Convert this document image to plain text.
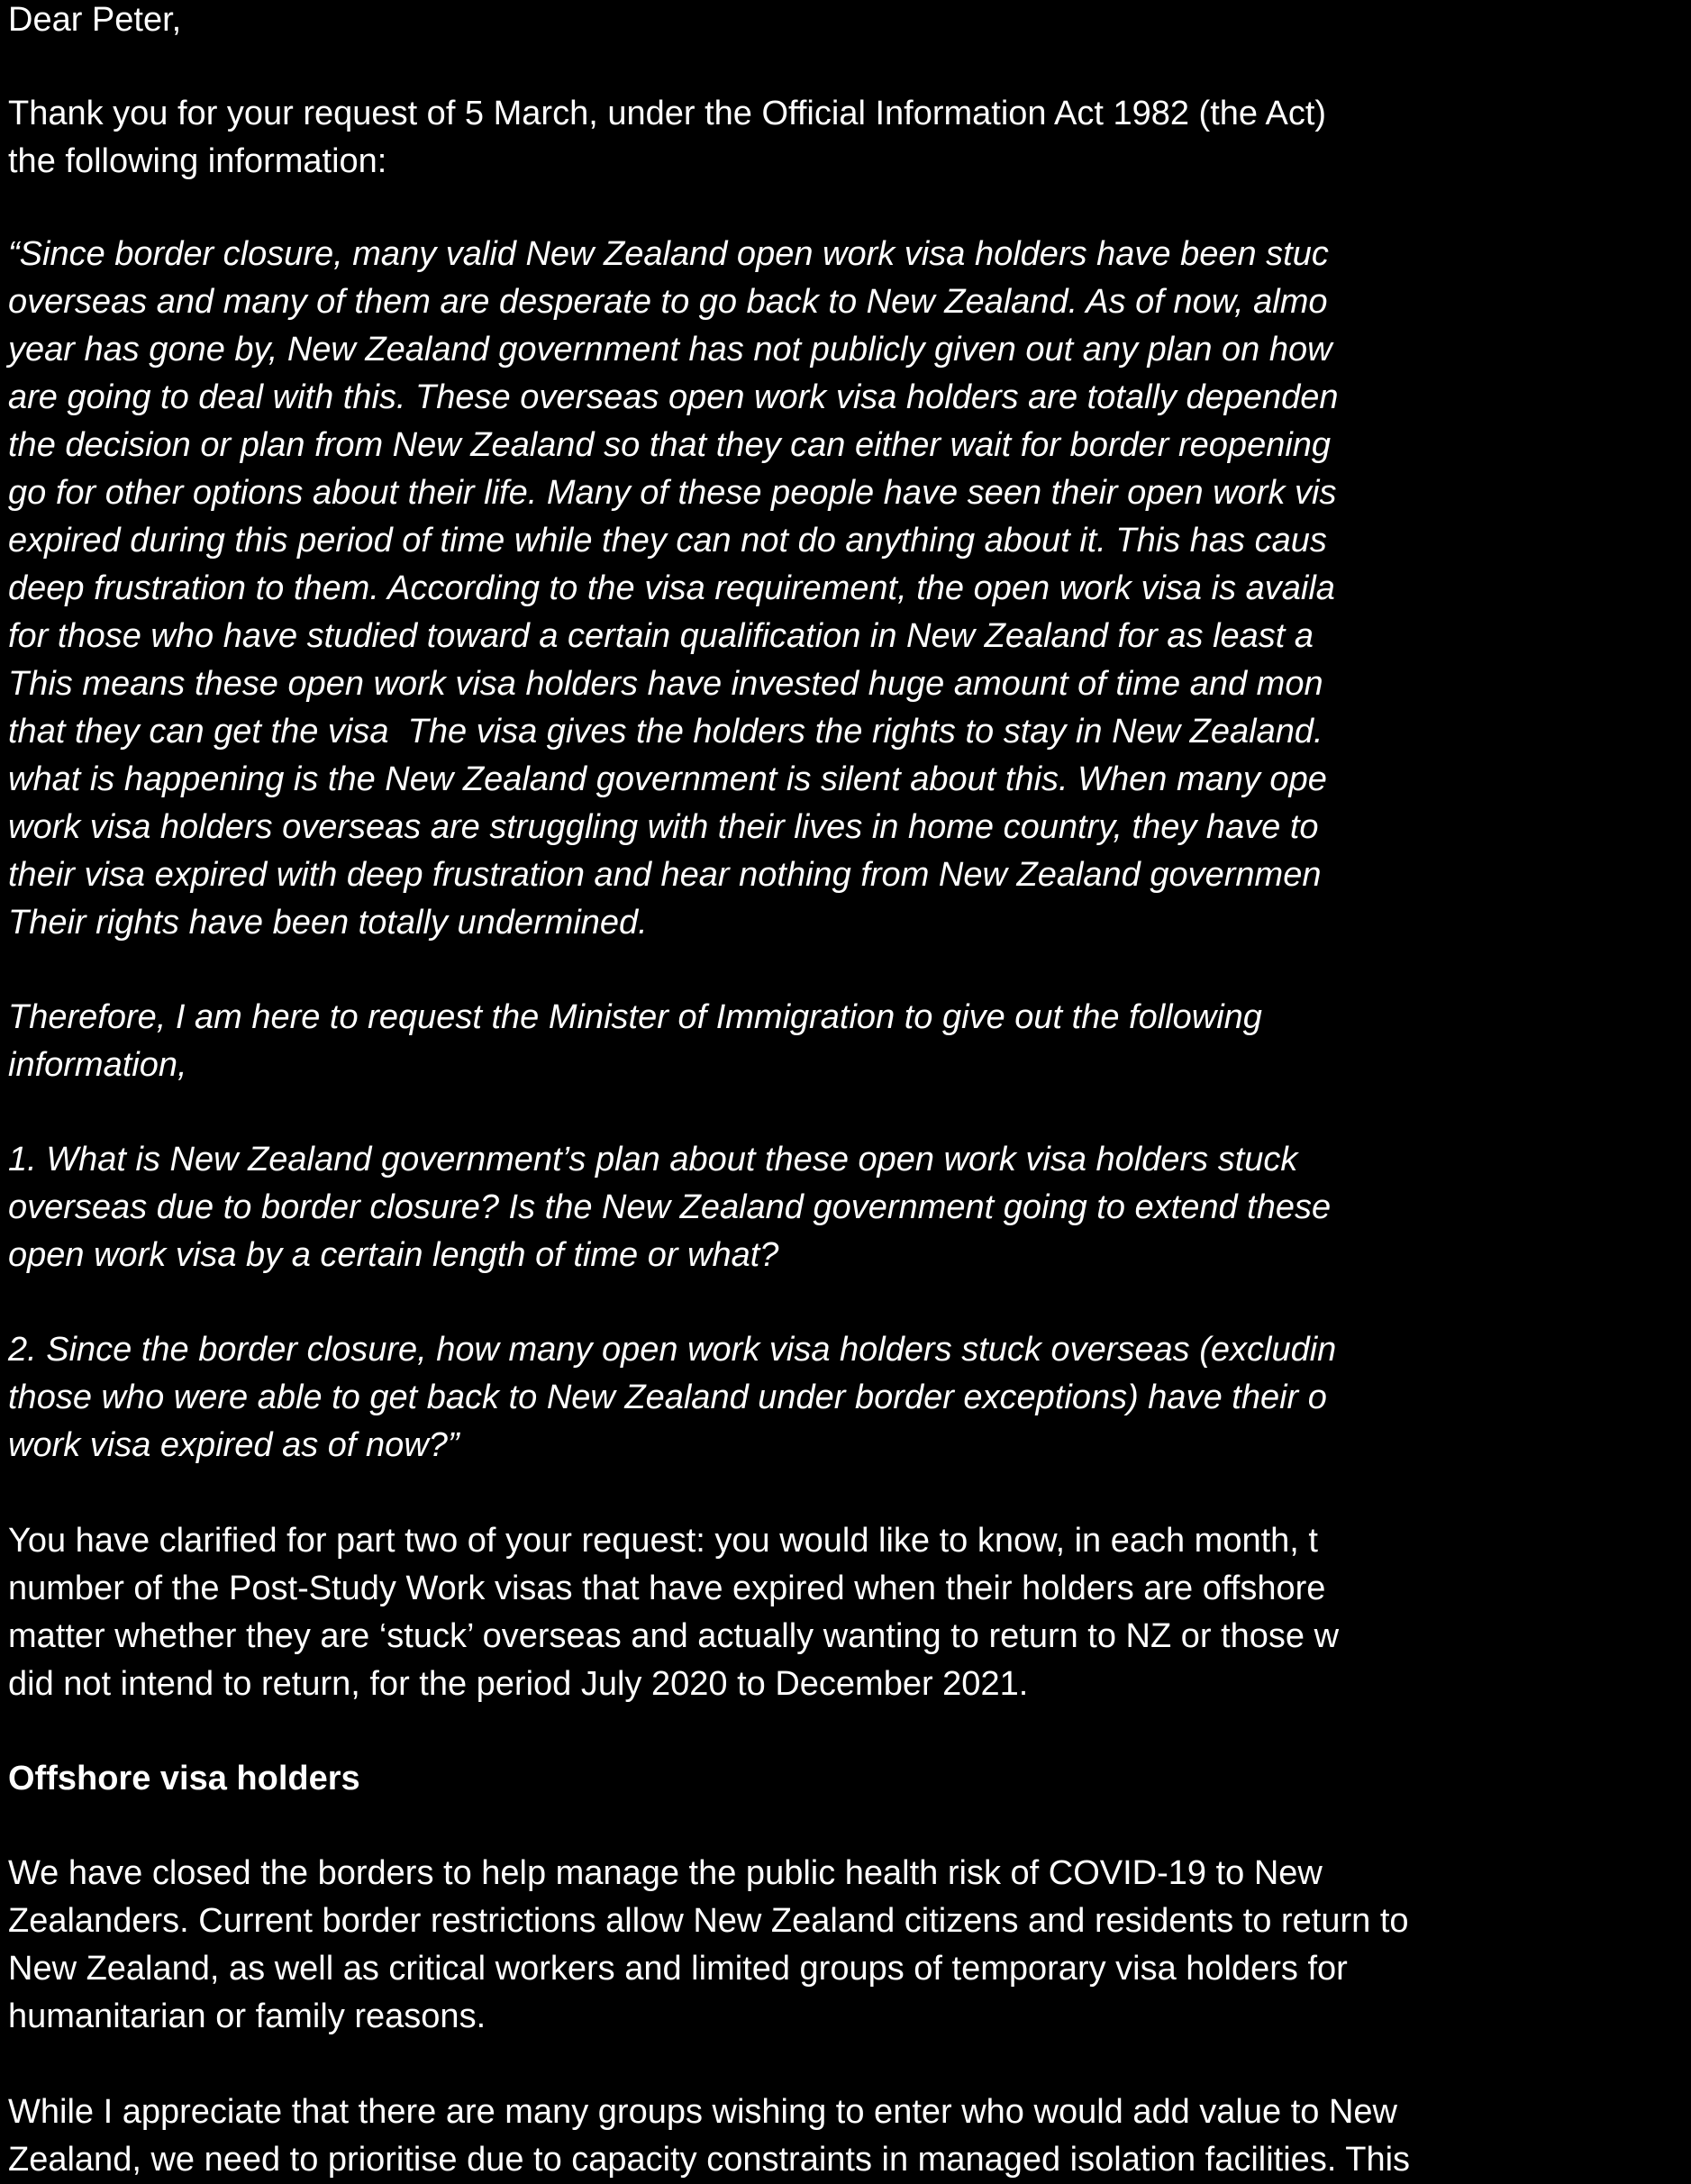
Dear Peter,
Thank you for your request of 5 March, under the Official Information Act 1982 (the Act)
the following information:
“Since border closure, many valid New Zealand open work visa holders have been stuc
overseas and many of them are desperate to go back to New Zealand. As of now, almo
year has gone by, New Zealand government has not publicly given out any plan on how
are going to deal with this. These overseas open work visa holders are totally dependen
the decision or plan from New Zealand so that they can either wait for border reopening
go for other options about their life. Many of these people have seen their open work vis
expired during this period of time while they can not do anything about it. This has caus
deep frustration to them. According to the visa requirement, the open work visa is availa
for those who have studied toward a certain qualification in New Zealand for as least a
This means these open work visa holders have invested huge amount of time and mon
that they can get the visa  The visa gives the holders the rights to stay in New Zealand.
what is happening is the New Zealand government is silent about this. When many ope
work visa holders overseas are struggling with their lives in home country, they have to
their visa expired with deep frustration and hear nothing from New Zealand governmen
Their rights have been totally undermined.
Therefore, I am here to request the Minister of Immigration to give out the following
information,
1. What is New Zealand government’s plan about these open work visa holders stuck
overseas due to border closure? Is the New Zealand government going to extend these
open work visa by a certain length of time or what?
2. Since the border closure, how many open work visa holders stuck overseas (excludin
those who were able to get back to New Zealand under border exceptions) have their o
work visa expired as of now?”
You have clarified for part two of your request: you would like to know, in each month, t
number of the Post-Study Work visas that have expired when their holders are offshore
matter whether they are ‘stuck’ overseas and actually wanting to return to NZ or those w
did not intend to return, for the period July 2020 to December 2021.
Offshore visa holders
We have closed the borders to help manage the public health risk of COVID-19 to New
Zealanders. Current border restrictions allow New Zealand citizens and residents to return to
New Zealand, as well as critical workers and limited groups of temporary visa holders for
humanitarian or family reasons.
While I appreciate that there are many groups wishing to enter who would add value to New
Zealand, we need to prioritise due to capacity constraints in managed isolation facilities. This
